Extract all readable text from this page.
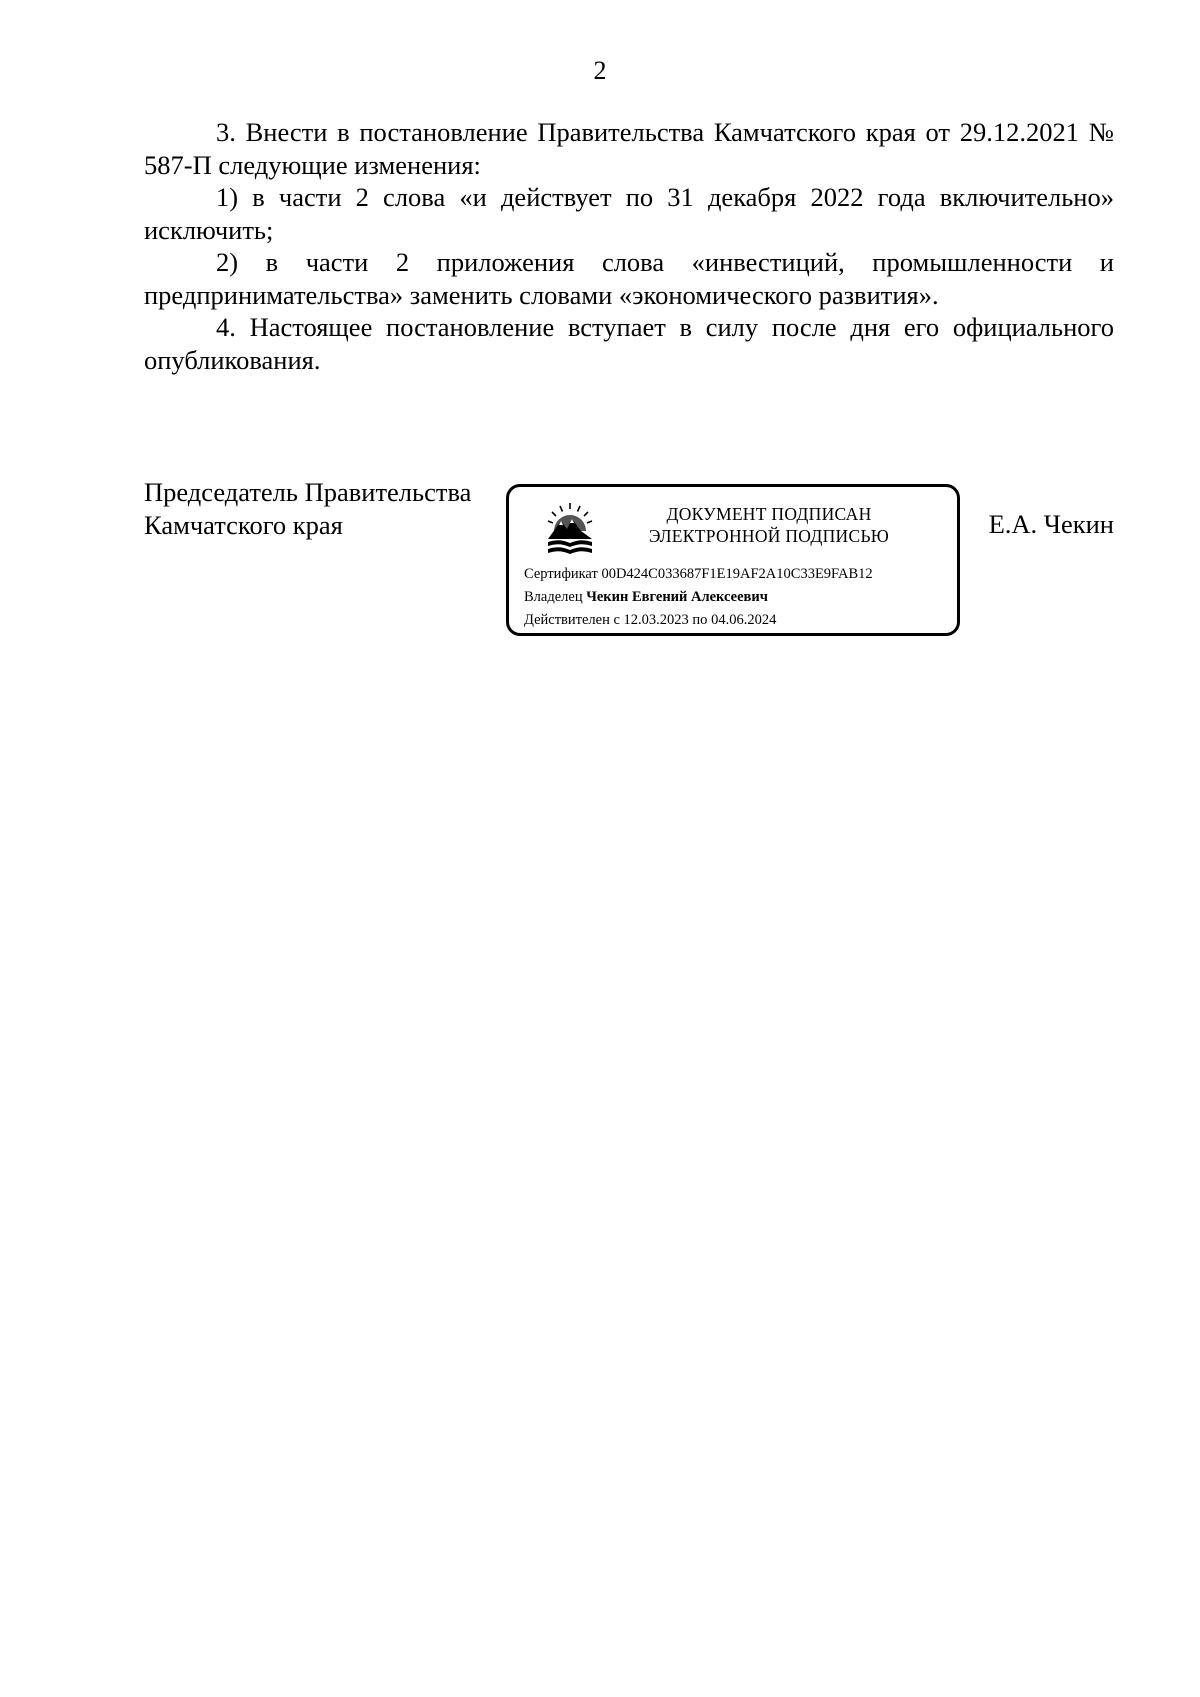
2

3. Внести в постановление Правительства Камчатского края от 29.12.2021 № 587-П следующие изменения:

1) в части 2 слова «и действует по 31 декабря 2022 года включительно» исключить;

2) в части 2 приложения слова «инвестиций, промышленности и предпринимательства» заменить словами «экономического развития».

4. Настоящее постановление вступает в силу после дня его официального опубликования.

Председатель Правительства
Камчатского края	ДОКУМЕНТ ПОДПИСАН
ЭЛЕКТРОННОЙ ПОДПИСЬЮ
Сертификат 00D424C033687F1E19AF2A10C33E9FAB12
Владелец Чекин Евгений Алексеевич
Действителен с 12.03.2023 по 04.06.2024
Е.А. Чекин
